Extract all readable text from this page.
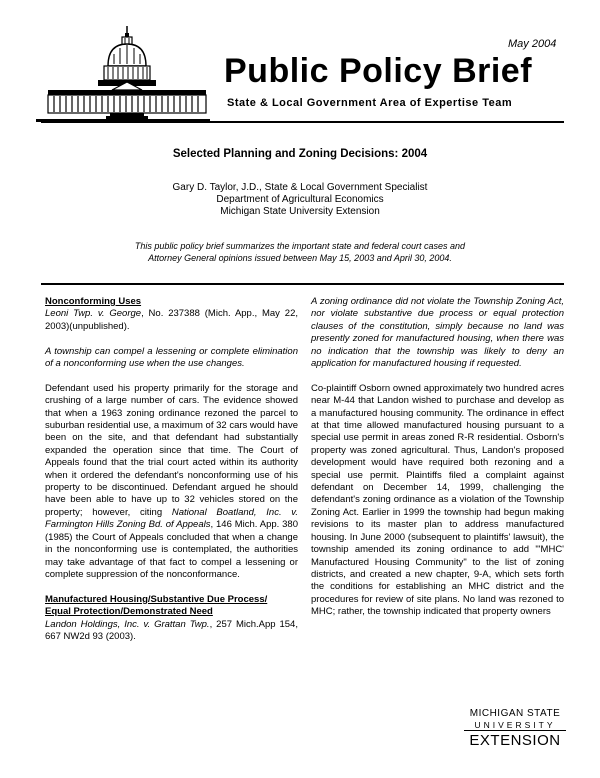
May 2004
Public Policy Brief
State & Local Government Area of Expertise Team
Selected Planning and Zoning Decisions: 2004
Gary D. Taylor, J.D., State & Local Government Specialist
Department of Agricultural Economics
Michigan State University Extension
This public policy brief summarizes the important state and federal court cases and
Attorney General opinions issued between May 15, 2003 and April 30, 2004.
Nonconforming Uses

Leoni Twp. v. George, No. 237388 (Mich. App., May 22, 2003)(unpublished).

A township can compel a lessening or complete elimination of a nonconforming use when the use changes.

Defendant used his property primarily for the storage and crushing of a large number of cars. The evidence showed that when a 1963 zoning ordinance rezoned the parcel to suburban residential use, a maximum of 32 cars would have been on the site, and that defendant had substantially expanded the operation since that time. The Court of Appeals found that the trial court acted within its authority when it ordered the defendant's nonconforming use of his property to be discontinued. Defendant argued he should have been able to have up to 32 vehicles stored on the property; however, citing National Boatland, Inc. v. Farmington Hills Zoning Bd. of Appeals, 146 Mich. App. 380 (1985) the Court of Appeals concluded that when a change in the nonconforming use is contemplated, the authorities may take advantage of that fact to compel a lessening or complete suppression of the nonconformance.

Manufactured Housing/Substantive Due Process/
Equal Protection/Demonstrated Need

Landon Holdings, Inc. v. Grattan Twp., 257 Mich.App 154, 667 NW2d 93 (2003).

A zoning ordinance did not violate the Township Zoning Act, nor violate substantive due process or equal protection clauses of the constitution, simply because no land was presently zoned for manufactured housing, when there was no indication that the township was likely to deny an application for manufactured housing if requested.

Co-plaintiff Osborn owned approximately two hundred acres near M-44 that Landon wished to purchase and develop as a manufactured housing community. The ordinance in effect at that time allowed manufactured housing pursuant to a special use permit in areas zoned R-R residential. Osborn's property was zoned agricultural. Thus, Landon's proposed development would have required both rezoning and a special use permit. Plaintiffs filed a complaint against defendant on December 14, 1999, challenging the defendant's zoning ordinance as a violation of the Township Zoning Act. Earlier in 1999 the township had begun making revisions to its master plan to address manufactured housing. In June 2000 (subsequent to plaintiffs' lawsuit), the township amended its zoning ordinance to add "'MHC' Manufactured Housing Community" to the list of zoning districts, and created a new chapter, 9-A, which sets forth the conditions for establishing an MHC district and the procedures for review of site plans. No land was rezoned to MHC; rather, the township indicated that property owners

MICHIGAN STATE
UNIVERSITY
EXTENSION
